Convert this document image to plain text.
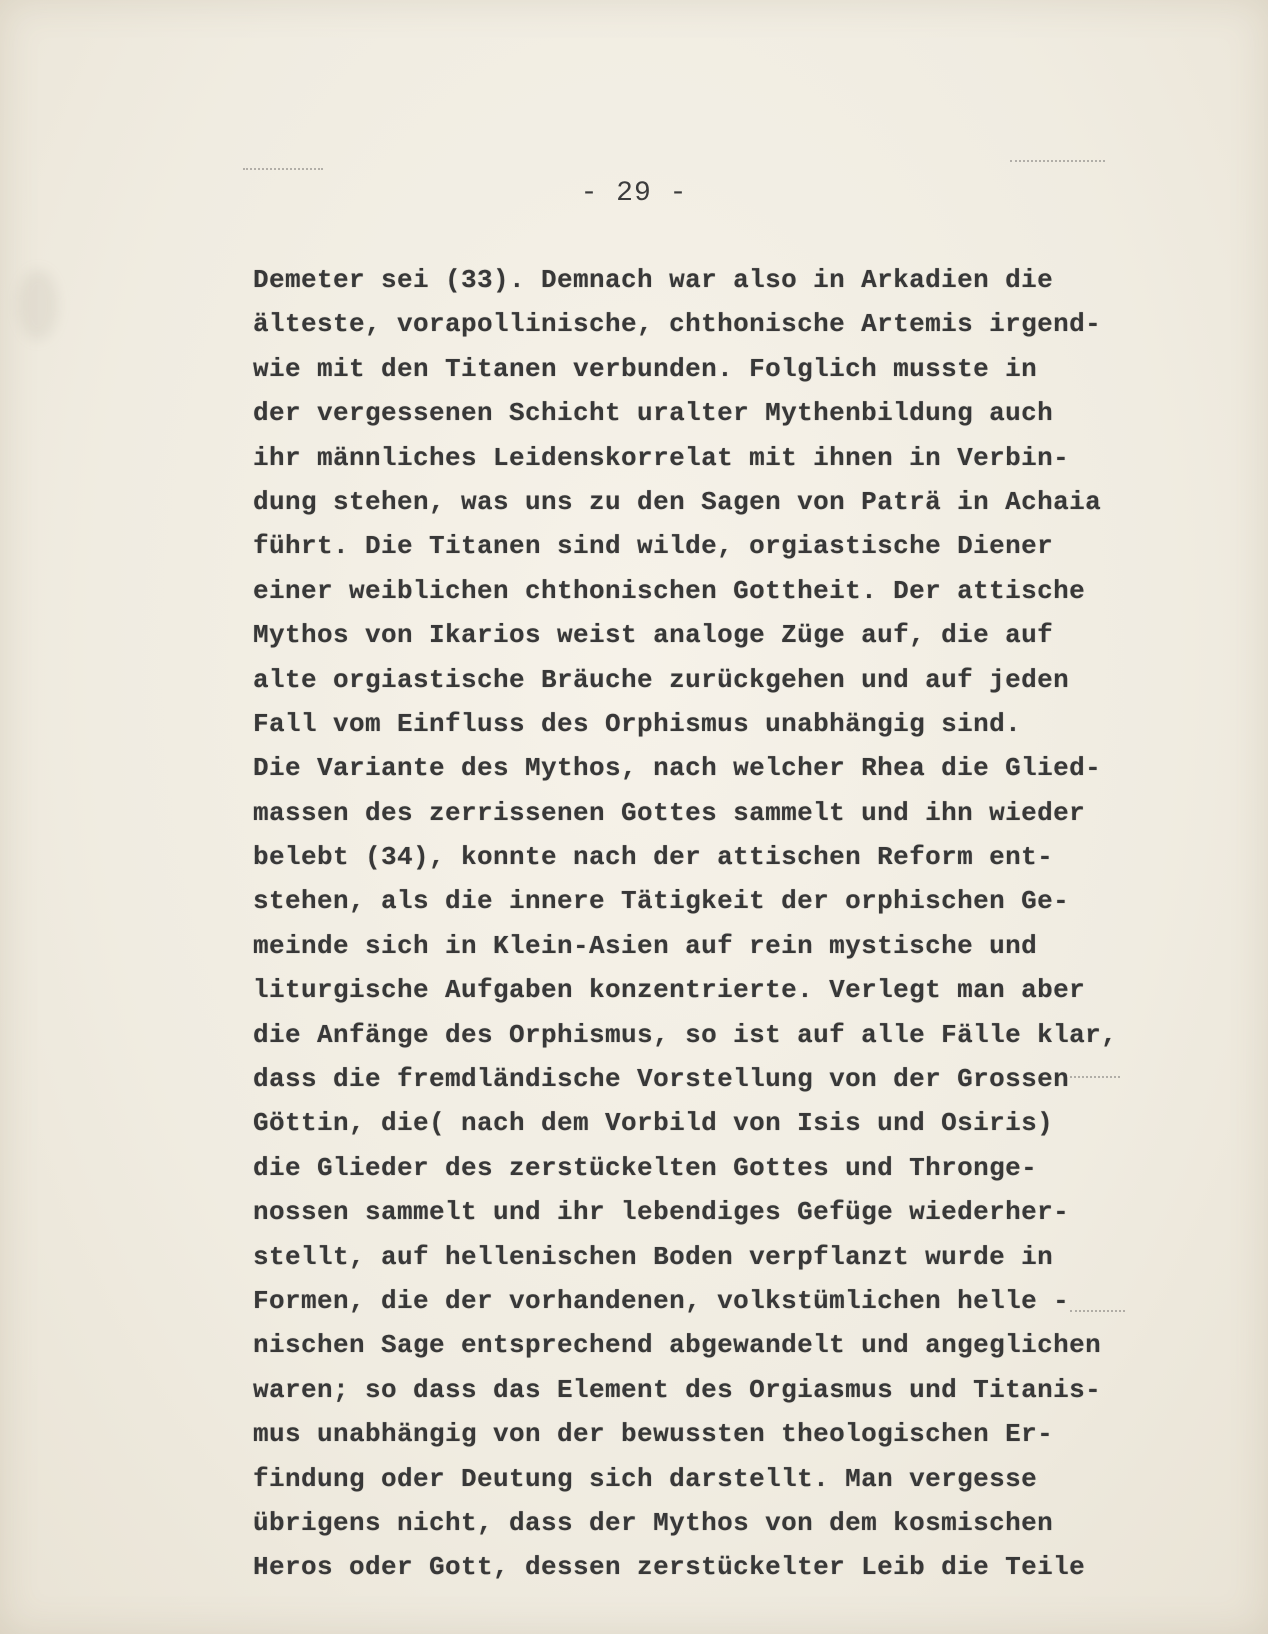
- 29 -
Demeter sei (33). Demnach war also in Arkadien die
älteste, vorapollinische, chthonische Artemis irgend-
wie mit den Titanen verbunden. Folglich musste in
der vergessenen Schicht uralter Mythenbildung auch
ihr männliches Leidenskorrelat mit ihnen in Verbin-
dung stehen, was uns zu den Sagen von Paträ in Achaia
führt. Die Titanen sind wilde, orgiastische Diener
einer weiblichen chthonischen Gottheit. Der attische
Mythos von Ikarios weist analoge Züge auf, die auf
alte orgiastische Bräuche zurückgehen und auf jeden
Fall vom Einfluss des Orphismus unabhängig sind.
Die Variante des Mythos, nach welcher Rhea die Glied-
massen des zerrissenen Gottes sammelt und ihn wieder
belebt (34), konnte nach der attischen Reform ent-
stehen, als die innere Tätigkeit der orphischen Ge-
meinde sich in Klein-Asien auf rein mystische und
liturgische Aufgaben konzentrierte. Verlegt man aber
die Anfänge des Orphismus, so ist auf alle Fälle klar,
dass die fremdländische Vorstellung von der Grossen
Göttin, die( nach dem Vorbild von Isis und Osiris)
die Glieder des zerstückelten Gottes und Thronge-
nossen sammelt und ihr lebendiges Gefüge wiederher-
stellt, auf hellenischen Boden verpflanzt wurde in
Formen, die der vorhandenen, volkstümlichen helle -
nischen Sage entsprechend abgewandelt und angeglichen
waren; so dass das Element des Orgiasmus und Titanis-
mus unabhängig von der bewussten theologischen Er-
findung oder Deutung sich darstellt. Man vergesse
übrigens nicht, dass der Mythos von dem kosmischen
Heros oder Gott, dessen zerstückelter Leib die Teile
